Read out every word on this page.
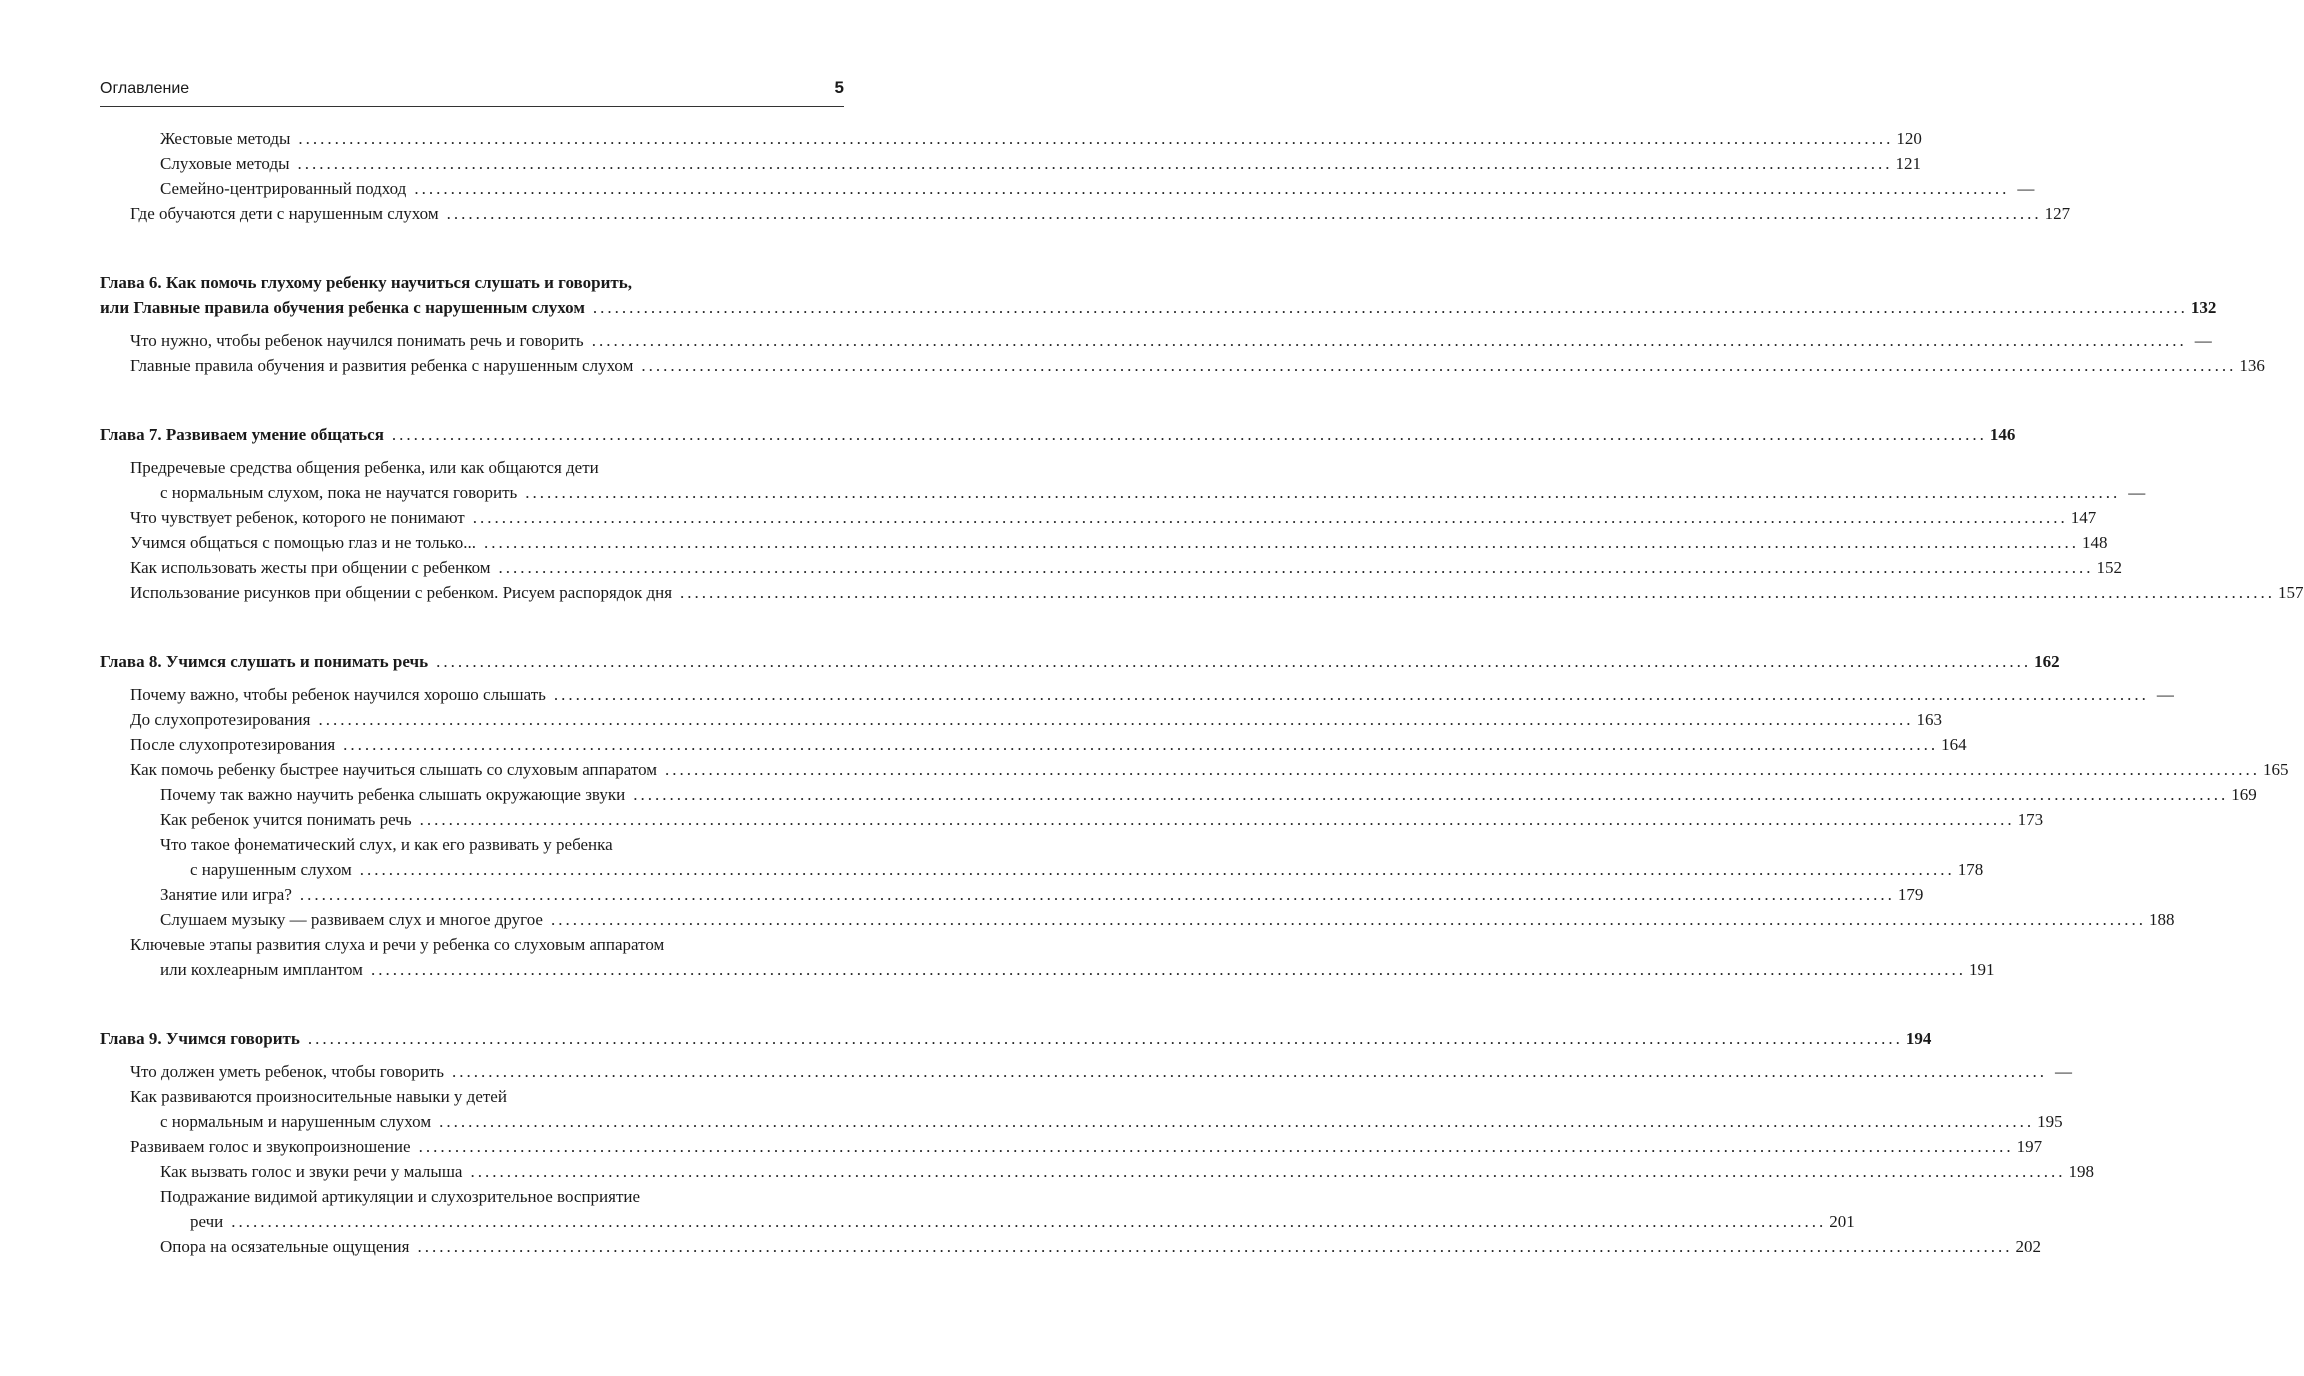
Оглавление	5
Жестовые методы ............................................................................................................................................................................................................................ 120
Слуховые методы ............................................................................................................................................................................................................................ 121
Семейно-центрированный подход ............................................................................................................................................................................................................................ —
Где обучаются дети с нарушенным слухом ............................................................................................................................................................................................................................ 127
Глава 6. Как помочь глухому ребенку научиться слушать и говорить,
или Главные правила обучения ребенка с нарушенным слухом ............................................................................................................................................................................................................................ 132
Что нужно, чтобы ребенок научился понимать речь и говорить ............................................................................................................................................................................................................................ —
Главные правила обучения и развития ребенка с нарушенным слухом ............................................................................................................................................................................................................................ 136
Глава 7. Развиваем умение общаться ............................................................................................................................................................................................................................ 146
Предречевые средства общения ребенка, или как общаются дети
с нормальным слухом, пока не научатся говорить ............................................................................................................................................................................................................................ —
Что чувствует ребенок, которого не понимают ............................................................................................................................................................................................................................ 147
Учимся общаться с помощью глаз и не только... ............................................................................................................................................................................................................................ 148
Как использовать жесты при общении с ребенком ............................................................................................................................................................................................................................ 152
Использование рисунков при общении с ребенком. Рисуем распорядок дня ............................................................................................................................................................................................................................ 157
Глава 8. Учимся слушать и понимать речь ............................................................................................................................................................................................................................ 162
Почему важно, чтобы ребенок научился хорошо слышать ............................................................................................................................................................................................................................ —
До слухопротезирования ............................................................................................................................................................................................................................ 163
После слухопротезирования ............................................................................................................................................................................................................................ 164
Как помочь ребенку быстрее научиться слышать со слуховым аппаратом ............................................................................................................................................................................................................................ 165
Почему так важно научить ребенка слышать окружающие звуки ............................................................................................................................................................................................................................ 169
Как ребенок учится понимать речь ............................................................................................................................................................................................................................ 173
Что такое фонематический слух, и как его развивать у ребенка
с нарушенным слухом ............................................................................................................................................................................................................................ 178
Занятие или игра? ............................................................................................................................................................................................................................ 179
Слушаем музыку — развиваем слух и многое другое ............................................................................................................................................................................................................................ 188
Ключевые этапы развития слуха и речи у ребенка со слуховым аппаратом
или кохлеарным имплантом ............................................................................................................................................................................................................................ 191
Глава 9. Учимся говорить ............................................................................................................................................................................................................................ 194
Что должен уметь ребенок, чтобы говорить ............................................................................................................................................................................................................................ —
Как развиваются произносительные навыки у детей
с нормальным и нарушенным слухом ............................................................................................................................................................................................................................ 195
Развиваем голос и звукопроизношение ............................................................................................................................................................................................................................ 197
Как вызвать голос и звуки речи у малыша ............................................................................................................................................................................................................................ 198
Подражание видимой артикуляции и слухозрительное восприятие
речи ............................................................................................................................................................................................................................ 201
Опора на осязательные ощущения ............................................................................................................................................................................................................................ 202
